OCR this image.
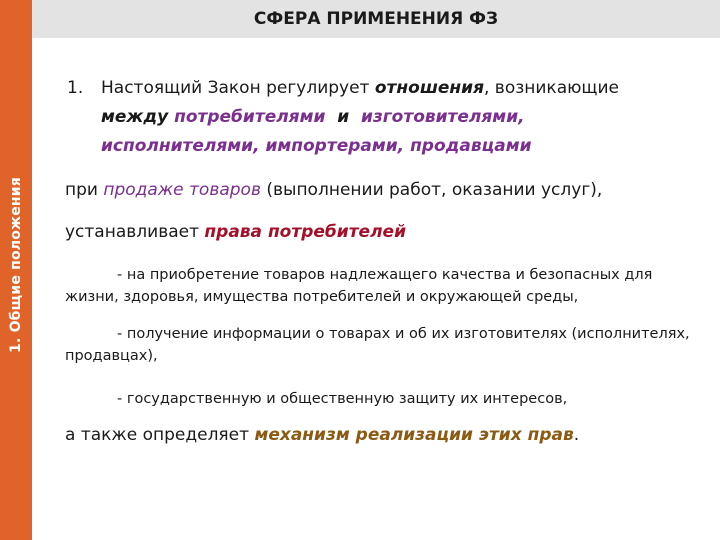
1. Общие положения
СФЕРА ПРИМЕНЕНИЯ ФЗ
1. Настоящий Закон регулирует отношения, возникающие

между потребителями  и  изготовителями,

исполнителями, импортерами, продавцами

при продаже товаров (выполнении работ, оказании услуг),

устанавливает права потребителей

- на приобретение товаров надлежащего качества и безопасных для жизни, здоровья, имущества потребителей и окружающей среды,

- получение информации о товарах и об их изготовителях (исполнителях, продавцах),

- государственную и общественную защиту их интересов,

а также определяет механизм реализации этих прав.
